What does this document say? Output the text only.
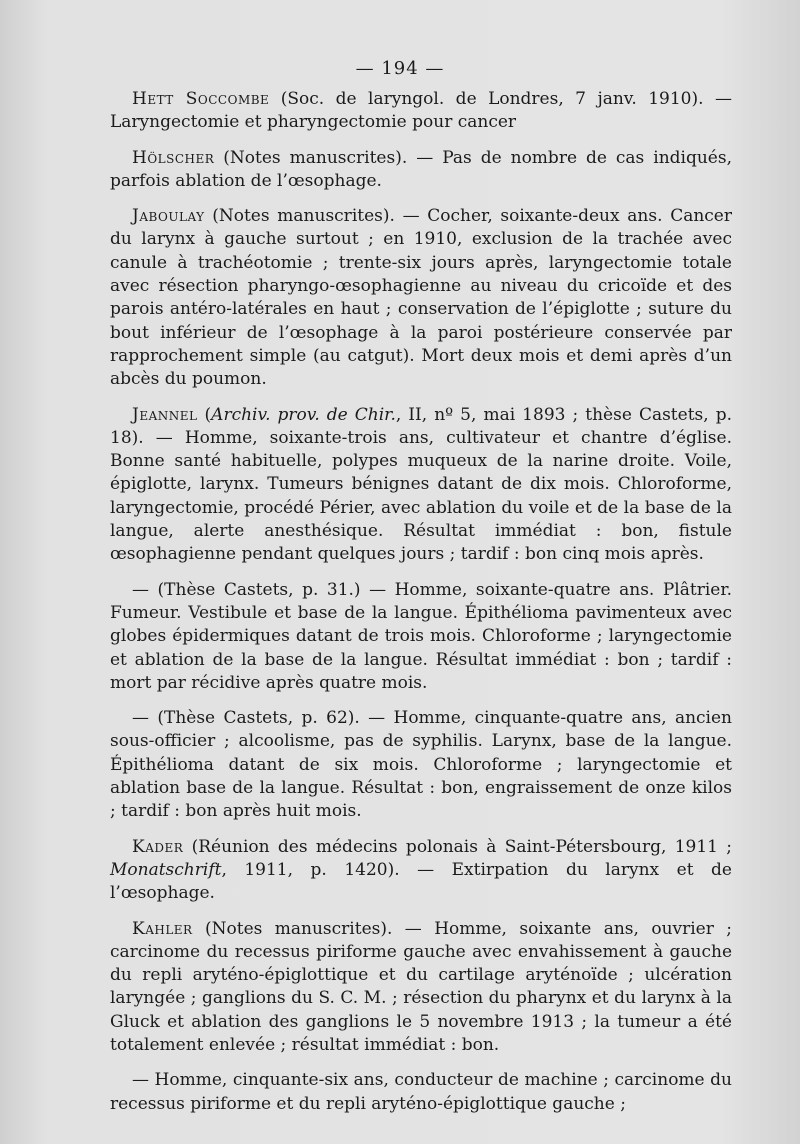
— 194 —

Hett Soccombe (Soc. de laryngol. de Londres, 7 janv. 1910). — Laryngectomie et pharyngectomie pour cancer

Hölscher (Notes manuscrites). — Pas de nombre de cas indiqués, parfois ablation de l’œsophage.

Jaboulay (Notes manuscrites). — Cocher, soixante-deux ans. Cancer du larynx à gauche surtout ; en 1910, exclusion de la trachée avec canule à trachéotomie ; trente-six jours après, laryngectomie totale avec résection pharyngo-œsophagienne au niveau du cricoïde et des parois antéro-latérales en haut ; conservation de l’épiglotte ; suture du bout inférieur de l’œsophage à la paroi postérieure conservée par rapprochement simple (au catgut). Mort deux mois et demi après d’un abcès du poumon.

Jeannel (Archiv. prov. de Chir., II, nº 5, mai 1893 ; thèse Castets, p. 18). — Homme, soixante-trois ans, cultivateur et chantre d’église. Bonne santé habituelle, polypes muqueux de la narine droite. Voile, épiglotte, larynx. Tumeurs bénignes datant de dix mois. Chloroforme, laryngectomie, procédé Périer, avec ablation du voile et de la base de la langue, alerte anesthésique. Résultat immédiat : bon, fistule œsophagienne pendant quelques jours ; tardif : bon cinq mois après.

— (Thèse Castets, p. 31.) — Homme, soixante-quatre ans. Plâtrier. Fumeur. Vestibule et base de la langue. Épithélioma pavimenteux avec globes épidermiques datant de trois mois. Chloroforme ; laryngectomie et ablation de la base de la langue. Résultat immédiat : bon ; tardif : mort par récidive après quatre mois.

— (Thèse Castets, p. 62). — Homme, cinquante-quatre ans, ancien sous-officier ; alcoolisme, pas de syphilis. Larynx, base de la langue. Épithélioma datant de six mois. Chloroforme ; laryngectomie et ablation base de la langue. Résultat : bon, engraissement de onze kilos ; tardif : bon après huit mois.

Kader (Réunion des médecins polonais à Saint-Pétersbourg, 1911 ; Monatschrift, 1911, p. 1420). — Extirpation du larynx et de l’œsophage.

Kahler (Notes manuscrites). — Homme, soixante ans, ouvrier ; carcinome du recessus piriforme gauche avec envahissement à gauche du repli aryténo-épiglottique et du cartilage aryténoïde ; ulcération laryngée ; ganglions du S. C. M. ; résection du pharynx et du larynx à la Gluck et ablation des ganglions le 5 novembre 1913 ; la tumeur a été totalement enlevée ; résultat immédiat : bon.

— Homme, cinquante-six ans, conducteur de machine ; carcinome du recessus piriforme et du repli aryténo-épiglottique gauche ;
